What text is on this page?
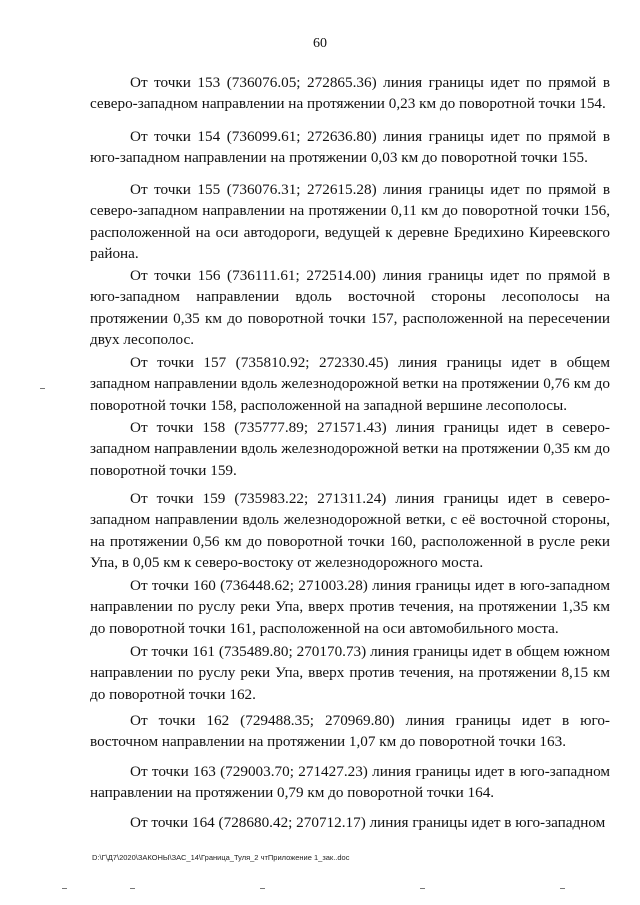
60
От точки 153 (736076.05; 272865.36) линия границы идет по прямой в северо-западном направлении на протяжении 0,23 км до поворотной точки 154.
От точки 154 (736099.61; 272636.80) линия границы идет по прямой в юго-западном направлении на протяжении 0,03 км до поворотной точки 155.
От точки 155 (736076.31; 272615.28) линия границы идет по прямой в северо-западном направлении на протяжении 0,11 км до поворотной точки 156, расположенной на оси автодороги, ведущей к деревне Бредихино Киреевского района.
От точки 156 (736111.61; 272514.00) линия границы идет по прямой в юго-западном направлении вдоль восточной стороны лесополосы на протяжении 0,35 км до поворотной точки 157, расположенной на пересечении двух лесополос.
От точки 157 (735810.92; 272330.45) линия границы идет в общем западном направлении вдоль железнодорожной ветки на протяжении 0,76 км до поворотной точки 158, расположенной на западной вершине лесополосы.
От точки 158 (735777.89; 271571.43) линия границы идет в северо-западном направлении вдоль железнодорожной ветки на протяжении 0,35 км до поворотной точки 159.
От точки 159 (735983.22; 271311.24) линия границы идет в северо-западном направлении вдоль железнодорожной ветки, с её восточной стороны, на протяжении 0,56 км до поворотной точки 160, расположенной в русле реки Упа, в 0,05 км к северо-востоку от железнодорожного моста.
От точки 160 (736448.62; 271003.28) линия границы идет в юго-западном направлении по руслу реки Упа, вверх против течения, на протяжении 1,35 км до поворотной точки 161, расположенной на оси автомобильного моста.
От точки 161 (735489.80; 270170.73) линия границы идет в общем южном направлении по руслу реки Упа, вверх против течения, на протяжении 8,15 км до поворотной точки 162.
От точки 162 (729488.35; 270969.80) линия границы идет в юго-восточном направлении на протяжении 1,07 км до поворотной точки 163.
От точки 163 (729003.70; 271427.23) линия границы идет в юго-западном направлении на протяжении 0,79 км до поворотной точки 164.
От точки 164 (728680.42; 270712.17) линия границы идет в юго-западном
D:\Г\Д7\2020\ЗАКОНЫ\ЗАС_14\Граница_Туля_2 чтПриложение 1_зак..doc
